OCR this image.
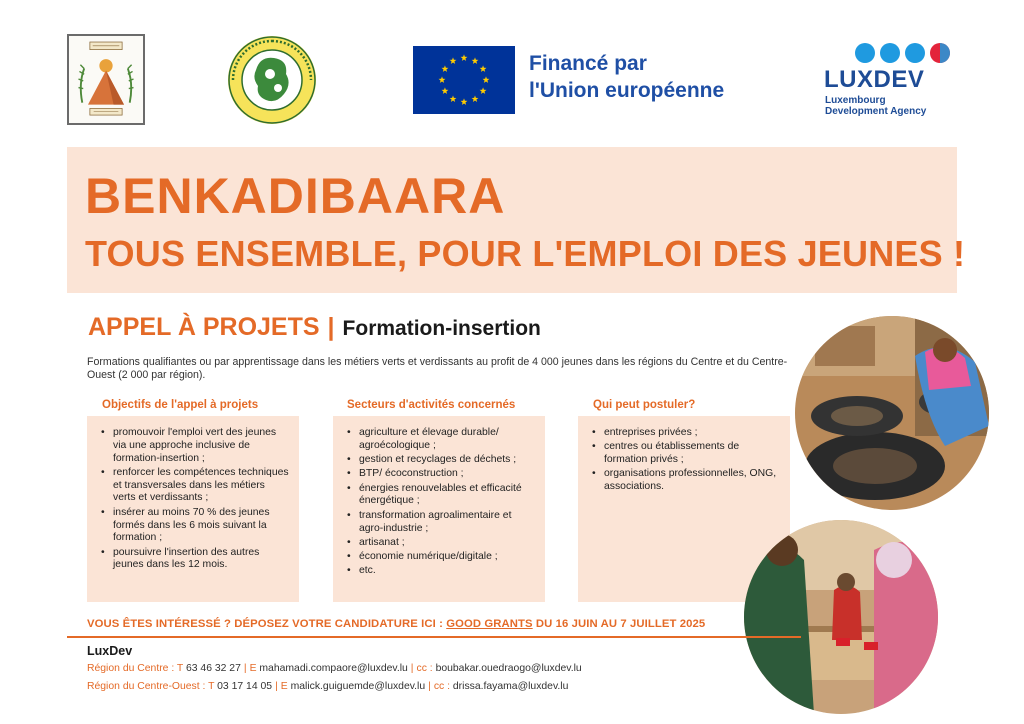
Financé par
l'Union européenne	LUXDEV
Luxembourg
Development Agency
BENKADIBAARA
TOUS ENSEMBLE, POUR L'EMPLOI DES JEUNES !
APPEL À PROJETS | Formation-insertion
Formations qualifiantes ou par apprentissage dans les métiers verts et verdissants au profit de 4 000 jeunes dans les régions du Centre et du Centre-Ouest (2 000 par région).
Objectifs de l'appel à projets
• promouvoir l'emploi vert des jeunes via une approche inclusive de formation-insertion ;
• renforcer les compétences techniques et transversales dans les métiers verts et verdissants ;
• insérer au moins 70 % des jeunes formés dans les 6 mois suivant la formation ;
• poursuivre l'insertion des autres jeunes dans les 12 mois.
Secteurs d'activités concernés
• agriculture et élevage durable/ agroécologique ;
• gestion et recyclages de déchets ;
• BTP/ écoconstruction ;
• énergies renouvelables et efficacité énergétique ;
• transformation agroalimentaire et agro-industrie ;
• artisanat ;
• économie numérique/digitale ;
• etc.
Qui peut postuler?
• entreprises privées ;
• centres ou établissements de formation privés ;
• organisations professionnelles, ONG, associations.
VOUS ÊTES INTÉRESSÉ ? DÉPOSEZ VOTRE CANDIDATURE ICI : GOOD GRANTS DU 16 JUIN AU 7 JUILLET 2025
LuxDev
Région du Centre : T 63 46 32 27 | E mahamadi.compaore@luxdev.lu | cc : boubakar.ouedraogo@luxdev.lu
Région du Centre-Ouest : T 03 17 14 05 | E malick.guiguemde@luxdev.lu | cc : drissa.fayama@luxdev.lu
